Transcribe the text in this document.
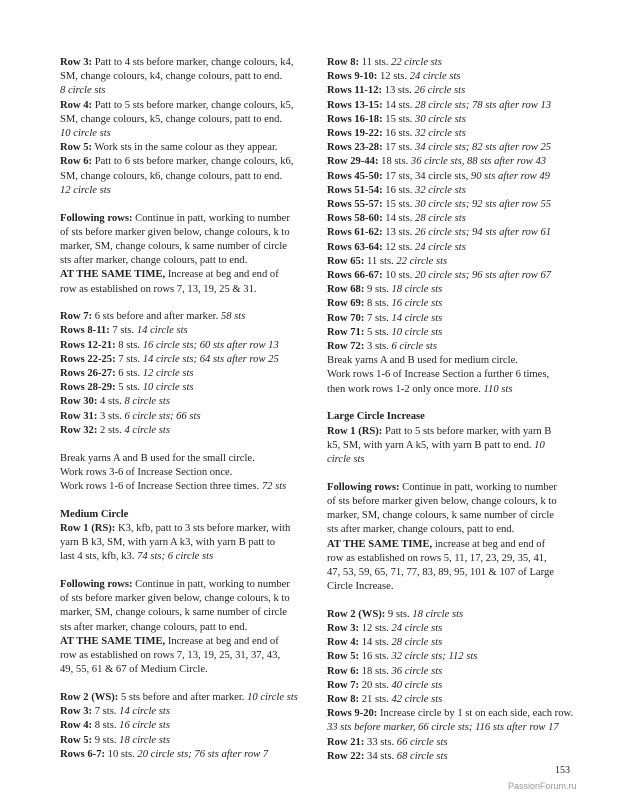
Row 3: Patt to 4 sts before marker, change colours, k4,
SM, change colours, k4, change colours, patt to end.
8 circle sts
Row 4: Patt to 5 sts before marker, change colours, k5,
SM, change colours, k5, change colours, patt to end.
10 circle sts
Row 5: Work sts in the same colour as they appear.
Row 6: Patt to 6 sts before marker, change colours, k6,
SM, change colours, k6, change colours, patt to end.
12 circle sts
Following rows: Continue in patt, working to number
of sts before marker given below, change colours, k to
marker, SM, change colours, k same number of circle
sts after marker, change colours, patt to end.
AT THE SAME TIME, Increase at beg and end of
row as established on rows 7, 13, 19, 25 & 31.
Row 7: 6 sts before and after marker. 58 sts
Rows 8-11: 7 sts. 14 circle sts
Rows 12-21: 8 sts. 16 circle sts; 60 sts after row 13
Rows 22-25: 7 sts. 14 circle sts; 64 sts after row 25
Rows 26-27: 6 sts. 12 circle sts
Rows 28-29: 5 sts. 10 circle sts
Row 30: 4 sts. 8 circle sts
Row 31: 3 sts. 6 circle sts; 66 sts
Row 32: 2 sts. 4 circle sts
Break yarns A and B used for the small circle.
Work rows 3-6 of Increase Section once.
Work rows 1-6 of Increase Section three times. 72 sts
Medium Circle
Row 1 (RS): K3, kfb, patt to 3 sts before marker, with
yarn B k3, SM, with yarn A k3, with yarn B patt to
last 4 sts, kfb, k3. 74 sts; 6 circle sts
Following rows: Continue in patt, working to number
of sts before marker given below, change colours, k to
marker, SM, change colours, k same number of circle
sts after marker, change colours, patt to end.
AT THE SAME TIME, Increase at beg and end of
row as established on rows 7, 13, 19, 25, 31, 37, 43,
49, 55, 61 & 67 of Medium Circle.
Row 2 (WS): 5 sts before and after marker. 10 circle sts
Row 3: 7 sts. 14 circle sts
Row 4: 8 sts. 16 circle sts
Row 5: 9 sts. 18 circle sts
Rows 6-7: 10 sts. 20 circle sts; 76 sts after row 7
Row 8: 11 sts. 22 circle sts
Rows 9-10: 12 sts. 24 circle sts
Rows 11-12: 13 sts. 26 circle sts
Rows 13-15: 14 sts. 28 circle sts; 78 sts after row 13
Rows 16-18: 15 sts. 30 circle sts
Rows 19-22: 16 sts. 32 circle sts
Rows 23-28: 17 sts. 34 circle sts; 82 sts after row 25
Row 29-44: 18 sts. 36 circle sts, 88 sts after row 43
Rows 45-50: 17 sts, 34 circle sts, 90 sts after row 49
Rows 51-54: 16 sts. 32 circle sts
Rows 55-57: 15 sts. 30 circle sts; 92 sts after row 55
Rows 58-60: 14 sts. 28 circle sts
Rows 61-62: 13 sts. 26 circle sts; 94 sts after row 61
Rows 63-64: 12 sts. 24 circle sts
Row 65: 11 sts. 22 circle sts
Rows 66-67: 10 sts. 20 circle sts; 96 sts after row 67
Row 68: 9 sts. 18 circle sts
Row 69: 8 sts. 16 circle sts
Row 70: 7 sts. 14 circle sts
Row 71: 5 sts. 10 circle sts
Row 72: 3 sts. 6 circle sts
Break yarns A and B used for medium circle.
Work rows 1-6 of Increase Section a further 6 times,
then work rows 1-2 only once more. 110 sts
Large Circle Increase
Row 1 (RS): Patt to 5 sts before marker, with yarn B
k5, SM, with yarn A k5, with yarn B patt to end. 10
circle sts
Following rows: Continue in patt, working to number
of sts before marker given below, change colours, k to
marker, SM, change colours, k same number of circle
sts after marker, change colours, patt to end.
AT THE SAME TIME, increase at beg and end of
row as established on rows 5, 11, 17, 23, 29, 35, 41,
47, 53, 59, 65, 71, 77, 83, 89, 95, 101 & 107 of Large
Circle Increase.
Row 2 (WS): 9 sts. 18 circle sts
Row 3: 12 sts. 24 circle sts
Row 4: 14 sts. 28 circle sts
Row 5: 16 sts. 32 circle sts; 112 sts
Row 6: 18 sts. 36 circle sts
Row 7: 20 sts. 40 circle sts
Row 8: 21 sts. 42 circle sts
Rows 9-20: Increase circle by 1 st on each side, each row.
33 sts before marker, 66 circle sts; 116 sts after row 17
Row 21: 33 sts. 66 circle sts
Row 22: 34 sts. 68 circle sts
153
PassionForum.ru
